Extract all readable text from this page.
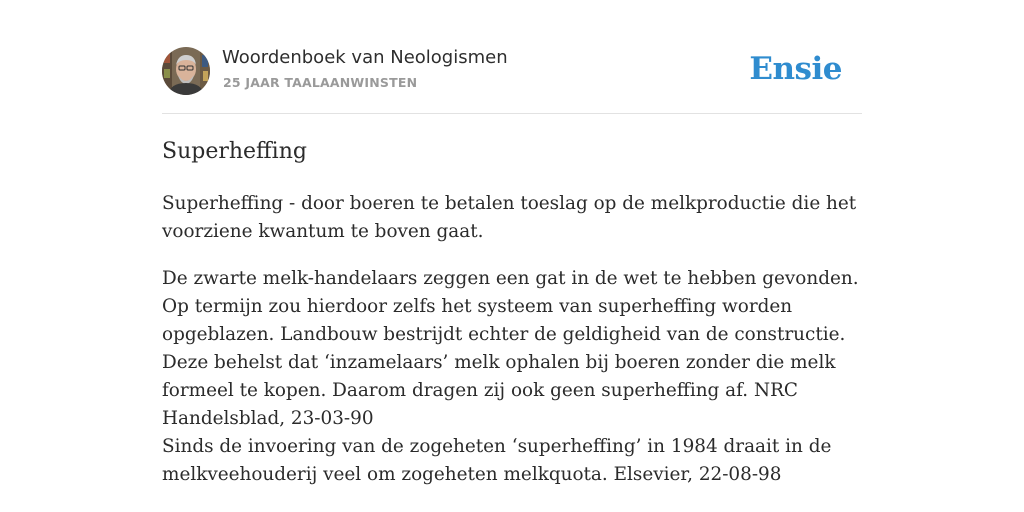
Woordenboek van Neologismen
25 JAAR TAALAANWINSTEN	Ensie
Superheffing

Superheffing - door boeren te betalen toeslag op de melkproductie die het voorziene kwantum te boven gaat.

De zwarte melk-handelaars zeggen een gat in de wet te hebben gevonden. Op termijn zou hierdoor zelfs het systeem van superheffing worden opgeblazen. Landbouw bestrijdt echter de geldigheid van de constructie. Deze behelst dat ‘inzamelaars’ melk ophalen bij boeren zonder die melk formeel te kopen. Daarom dragen zij ook geen superheffing af. NRC Handelsblad, 23-03-90

Sinds de invoering van de zogeheten ‘superheffing’ in 1984 draait in de melkveehouderij veel om zogeheten melkquota. Elsevier, 22-08-98
